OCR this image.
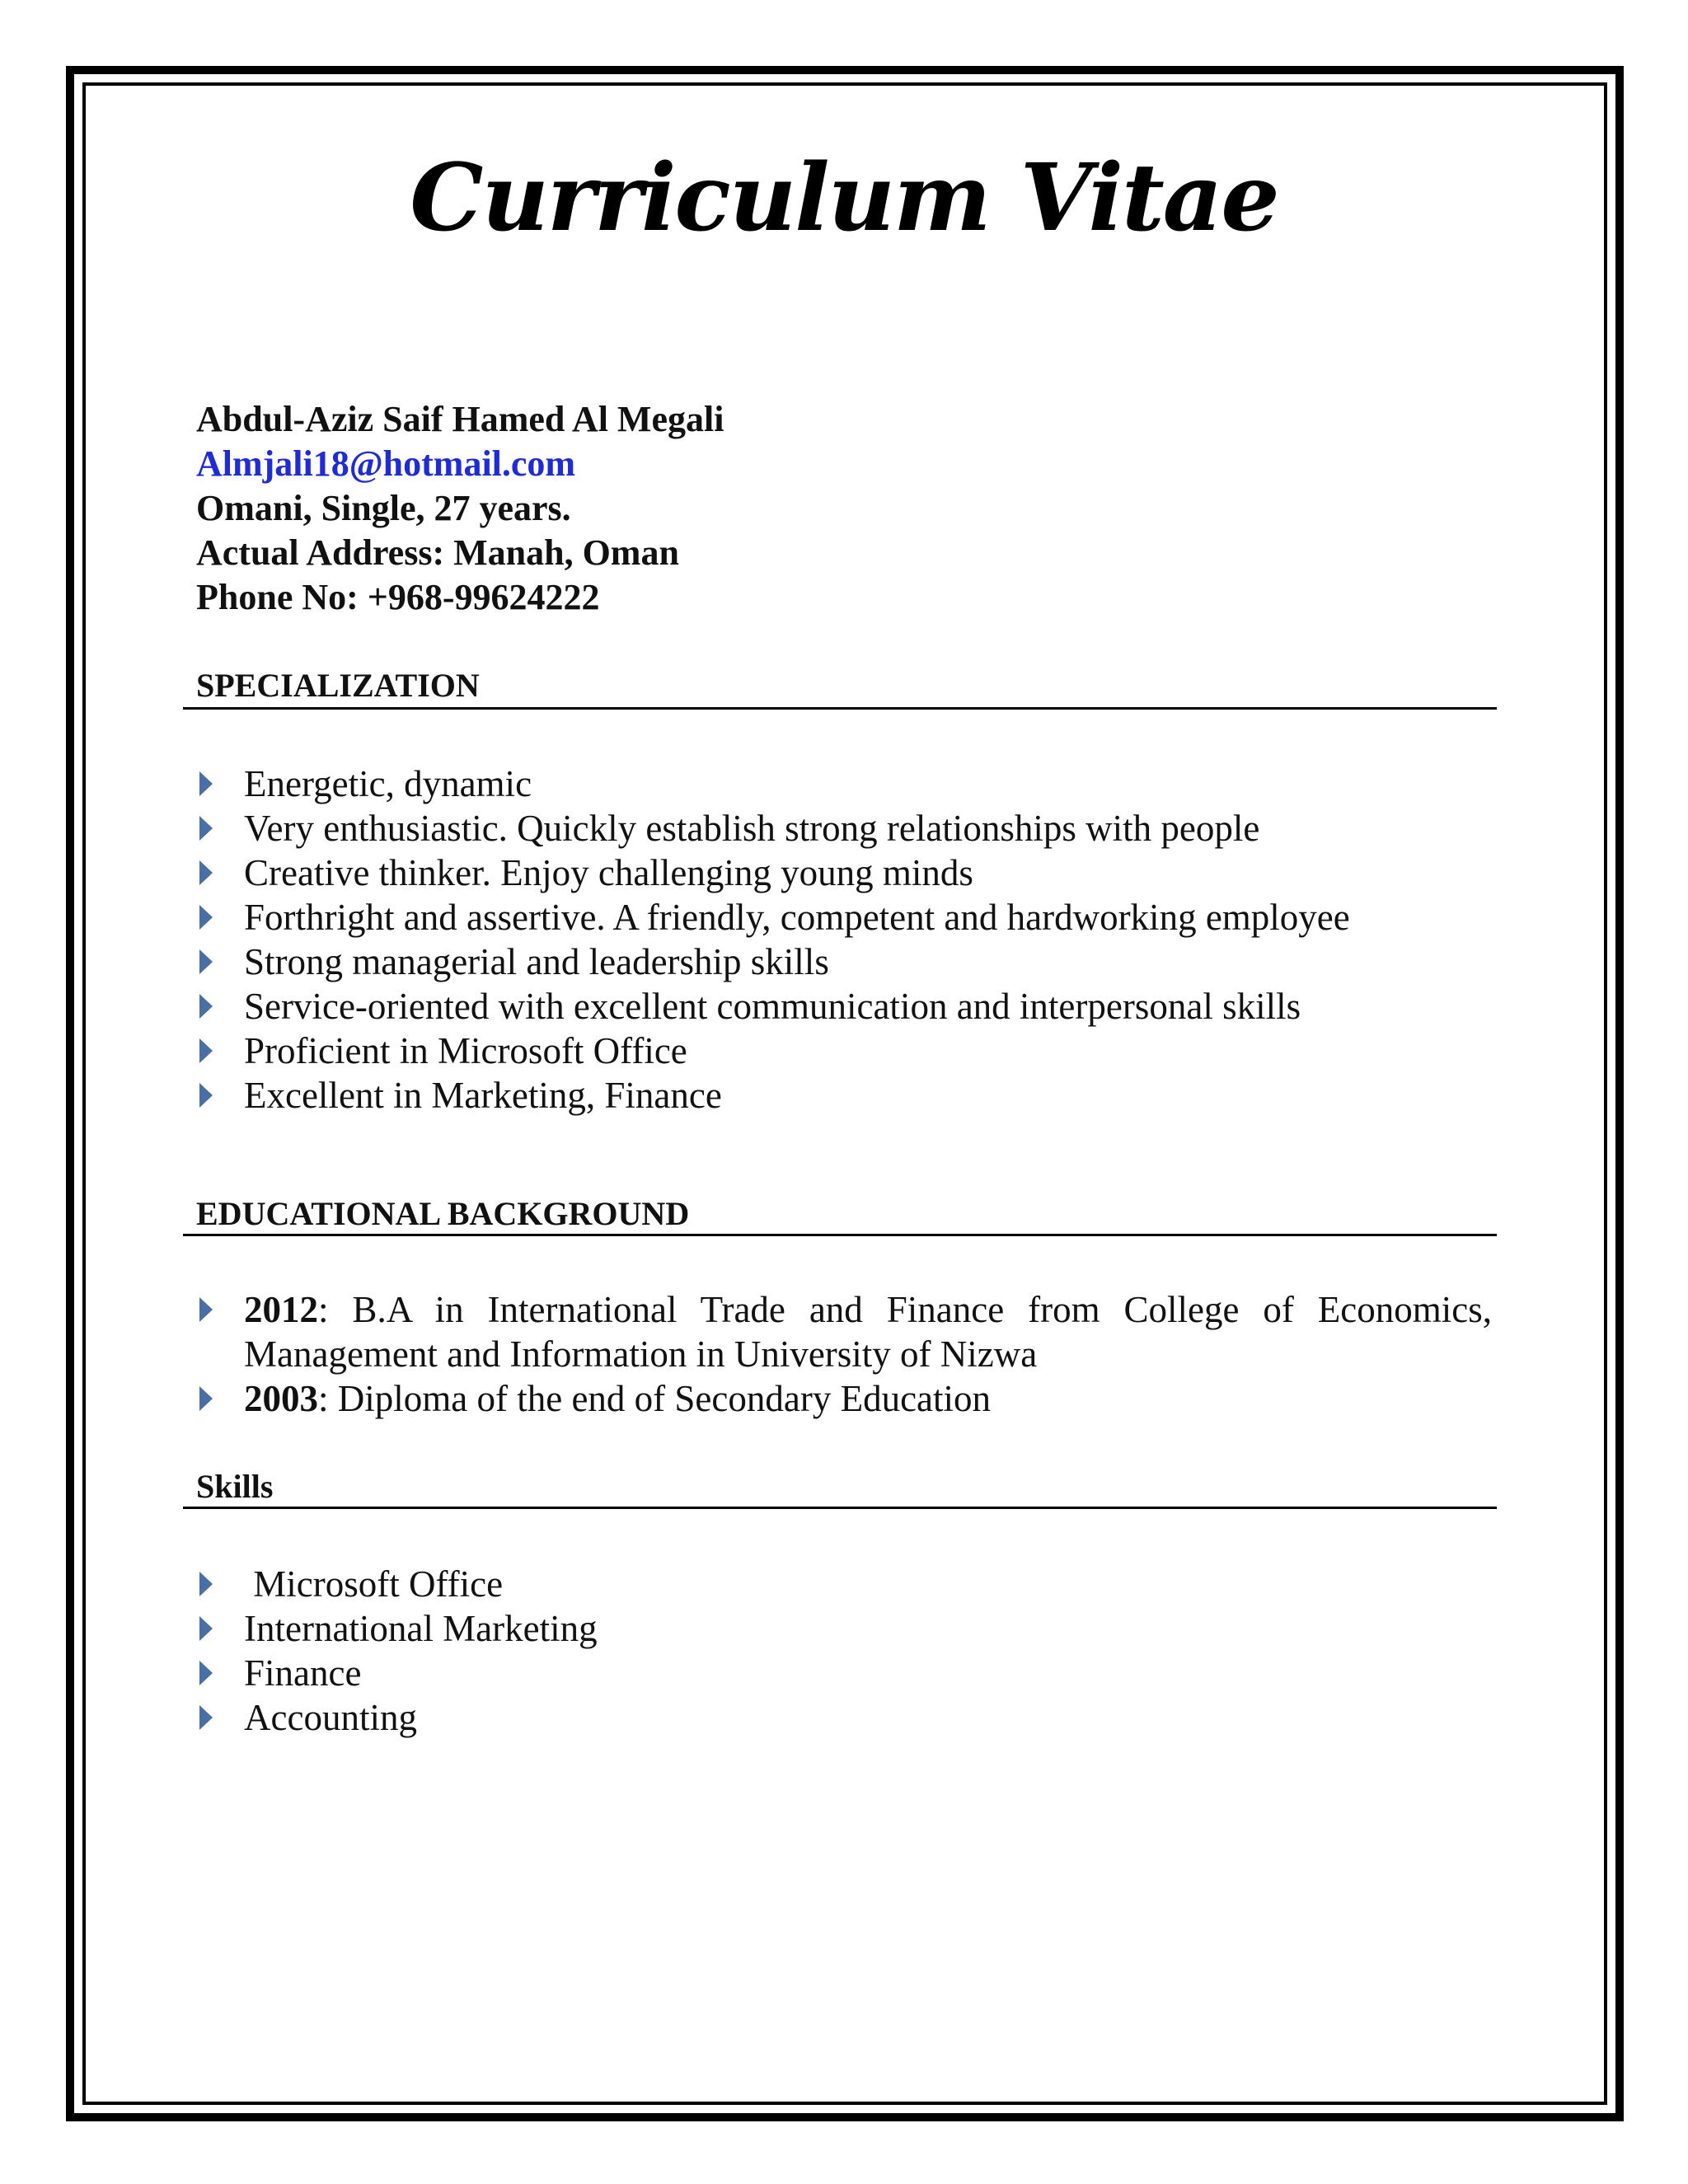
Curriculum Vitae
Abdul-Aziz Saif Hamed Al Megali
Almjali18@hotmail.com
Omani, Single, 27 years.
Actual Address: Manah, Oman
Phone No: +968-99624222
SPECIALIZATION
Energetic, dynamic
Very enthusiastic. Quickly establish strong relationships with people
Creative thinker. Enjoy challenging young minds
Forthright and assertive. A friendly, competent and hardworking employee
Strong managerial and leadership skills
Service-oriented with excellent communication and interpersonal skills
Proficient in Microsoft Office
Excellent in Marketing, Finance
EDUCATIONAL BACKGROUND
2012: B.A in International Trade and Finance from College of Economics, Management and Information in University of Nizwa
2003: Diploma of the end of Secondary Education
Skills
Microsoft Office
International Marketing
Finance
Accounting
